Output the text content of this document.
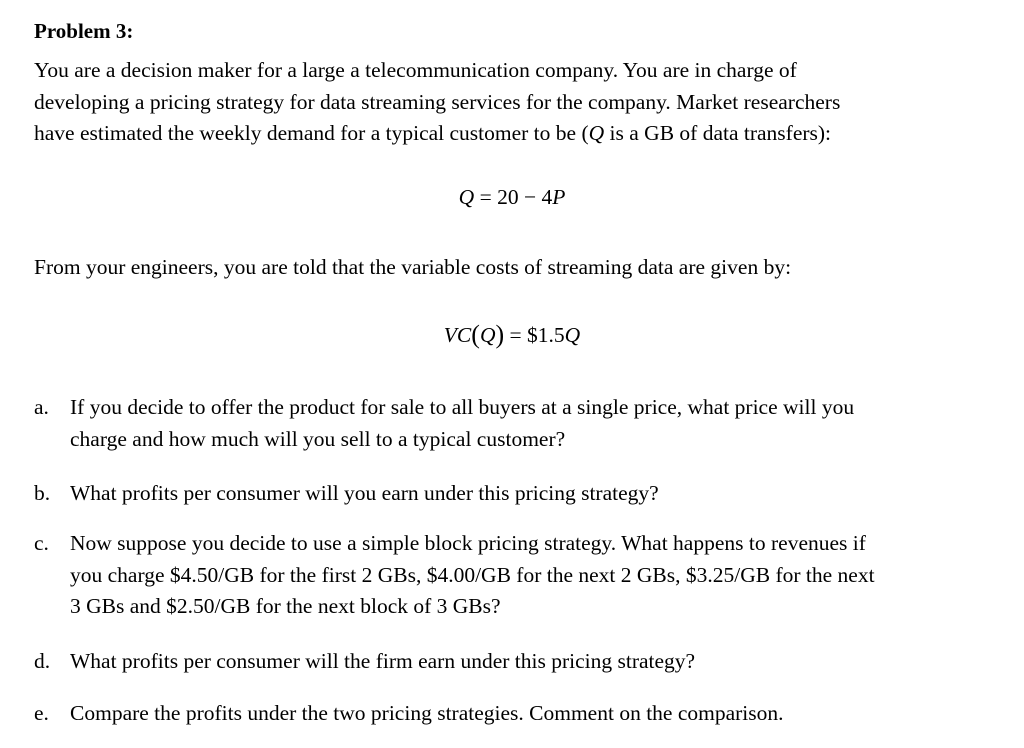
Problem 3:
You are a decision maker for a large a telecommunication company. You are in charge of
developing a pricing strategy for data streaming services for the company. Market researchers
have estimated the weekly demand for a typical customer to be (Q is a GB of data transfers):
Q = 20 − 4P
From your engineers, you are told that the variable costs of streaming data are given by:
VC(Q) = $1.5Q
a. If you decide to offer the product for sale to all buyers at a single price, what price will you
charge and how much will you sell to a typical customer?
b. What profits per consumer will you earn under this pricing strategy?
c. Now suppose you decide to use a simple block pricing strategy. What happens to revenues if
you charge $4.50/GB for the first 2 GBs, $4.00/GB for the next 2 GBs, $3.25/GB for the next
3 GBs and $2.50/GB for the next block of 3 GBs?
d. What profits per consumer will the firm earn under this pricing strategy?
e. Compare the profits under the two pricing strategies. Comment on the comparison.
